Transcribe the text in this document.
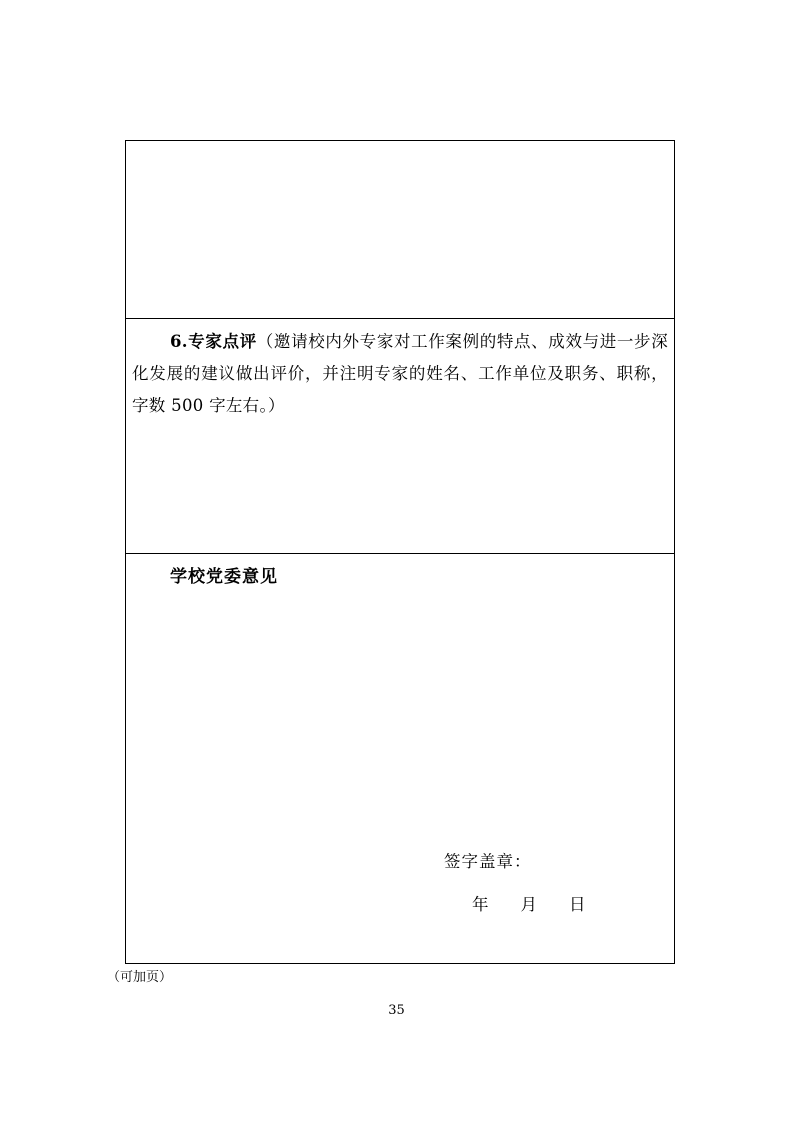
6.专家点评（邀请校内外专家对工作案例的特点、成效与进一步深化发展的建议做出评价，并注明专家的姓名、工作单位及职务、职称，字数 500 字左右。）
学校党委意见
签字盖章：
年 月 日
（可加页）
35
